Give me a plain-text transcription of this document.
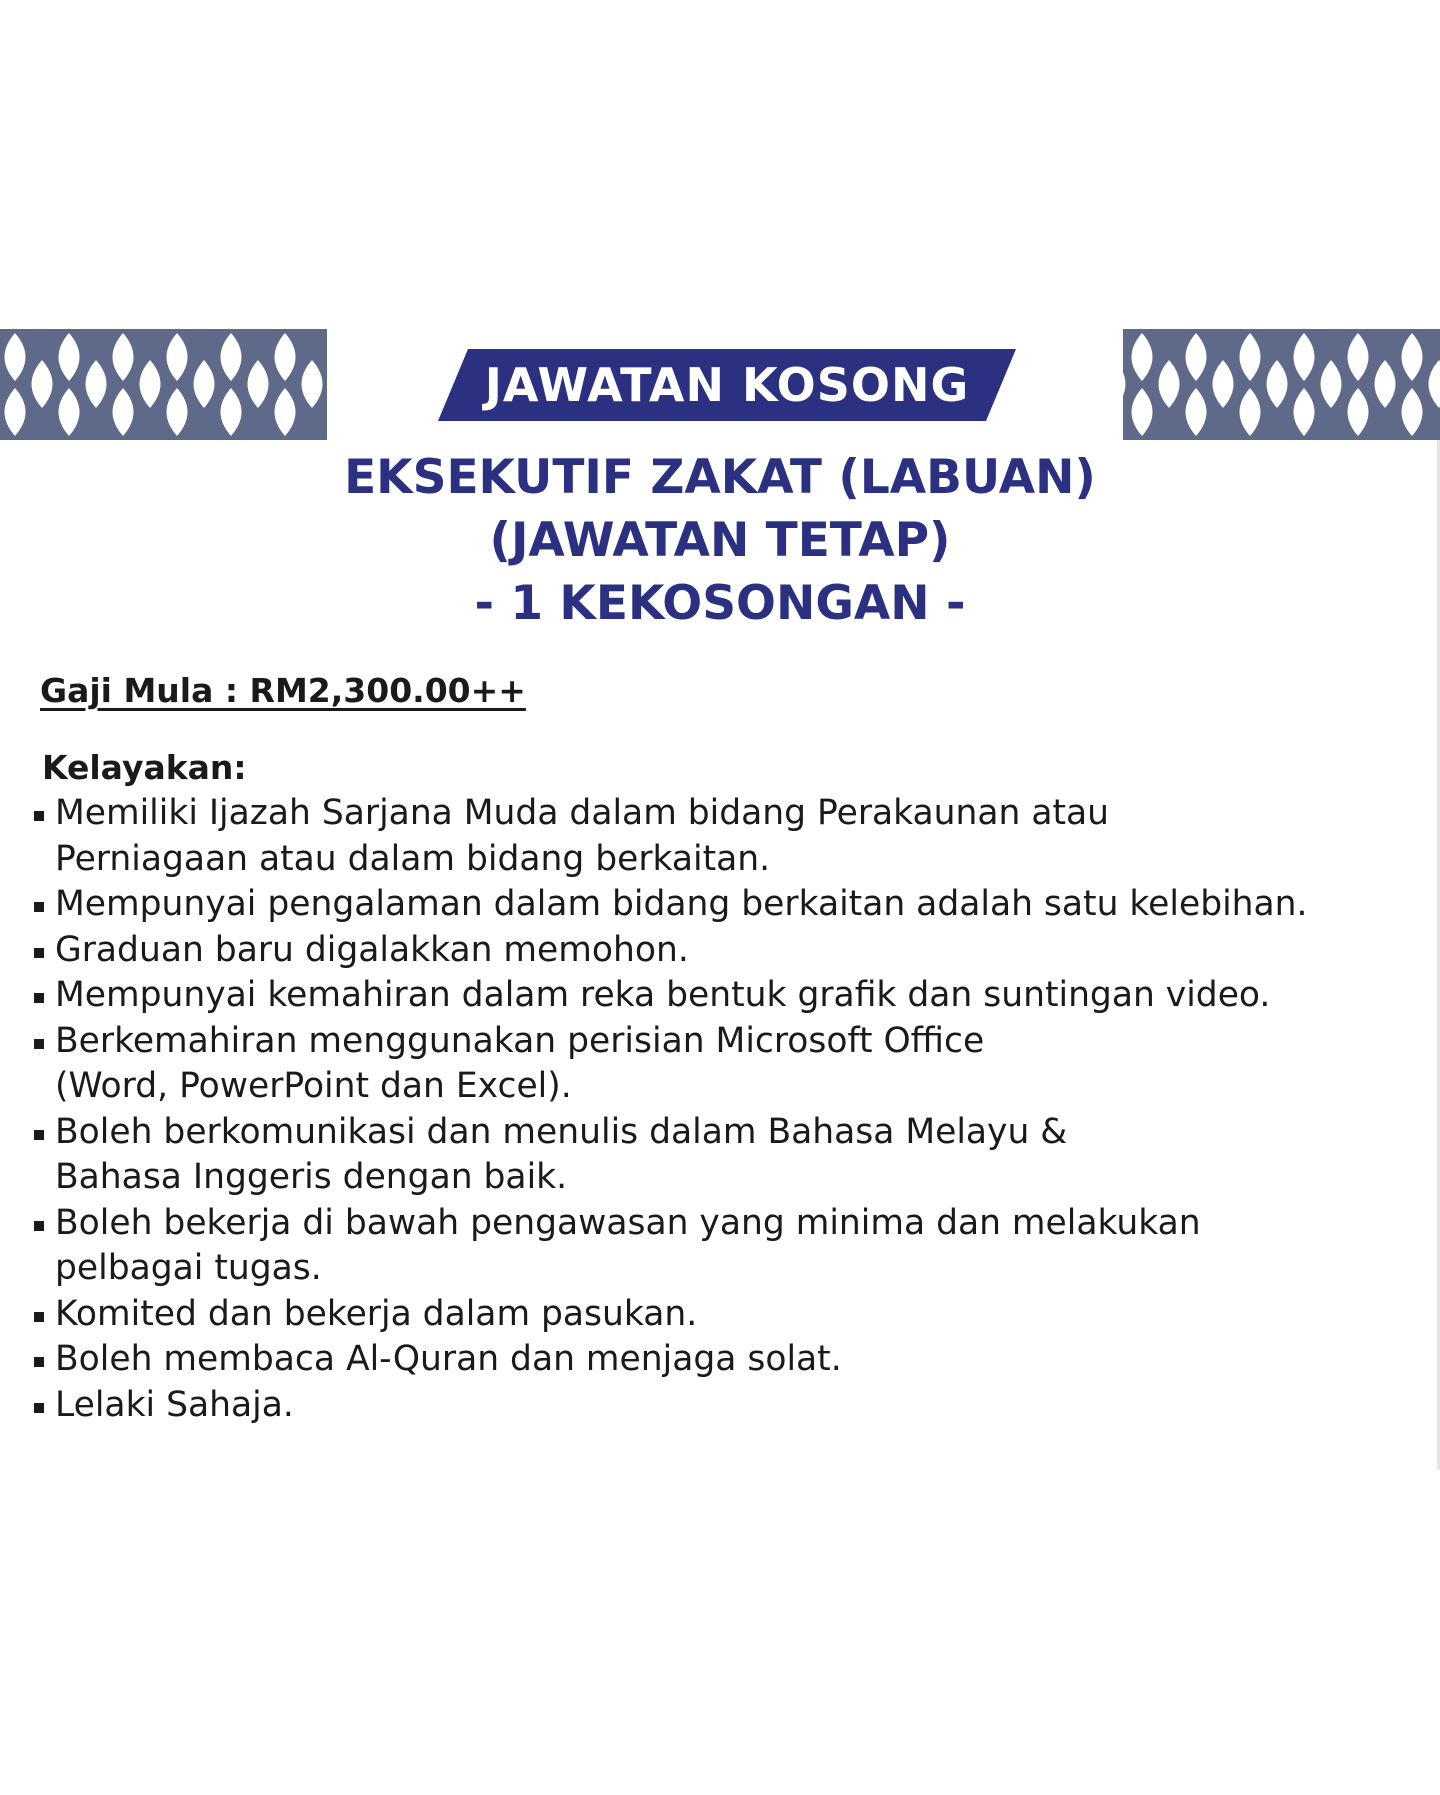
JAWATAN KOSONG
EKSEKUTIF ZAKAT (LABUAN)
(JAWATAN TETAP)
- 1 KEKOSONGAN -
Gaji Mula : RM2,300.00++
Kelayakan:
Memiliki Ijazah Sarjana Muda dalam bidang Perakaunan atau
Perniagaan atau dalam bidang berkaitan.
Mempunyai pengalaman dalam bidang berkaitan adalah satu kelebihan.
Graduan baru digalakkan memohon.
Mempunyai kemahiran dalam reka bentuk grafik dan suntingan video.
Berkemahiran menggunakan perisian Microsoft Office
(Word, PowerPoint dan Excel).
Boleh berkomunikasi dan menulis dalam Bahasa Melayu &
Bahasa Inggeris dengan baik.
Boleh bekerja di bawah pengawasan yang minima dan melakukan
pelbagai tugas.
Komited dan bekerja dalam pasukan.
Boleh membaca Al-Quran dan menjaga solat.
Lelaki Sahaja.
